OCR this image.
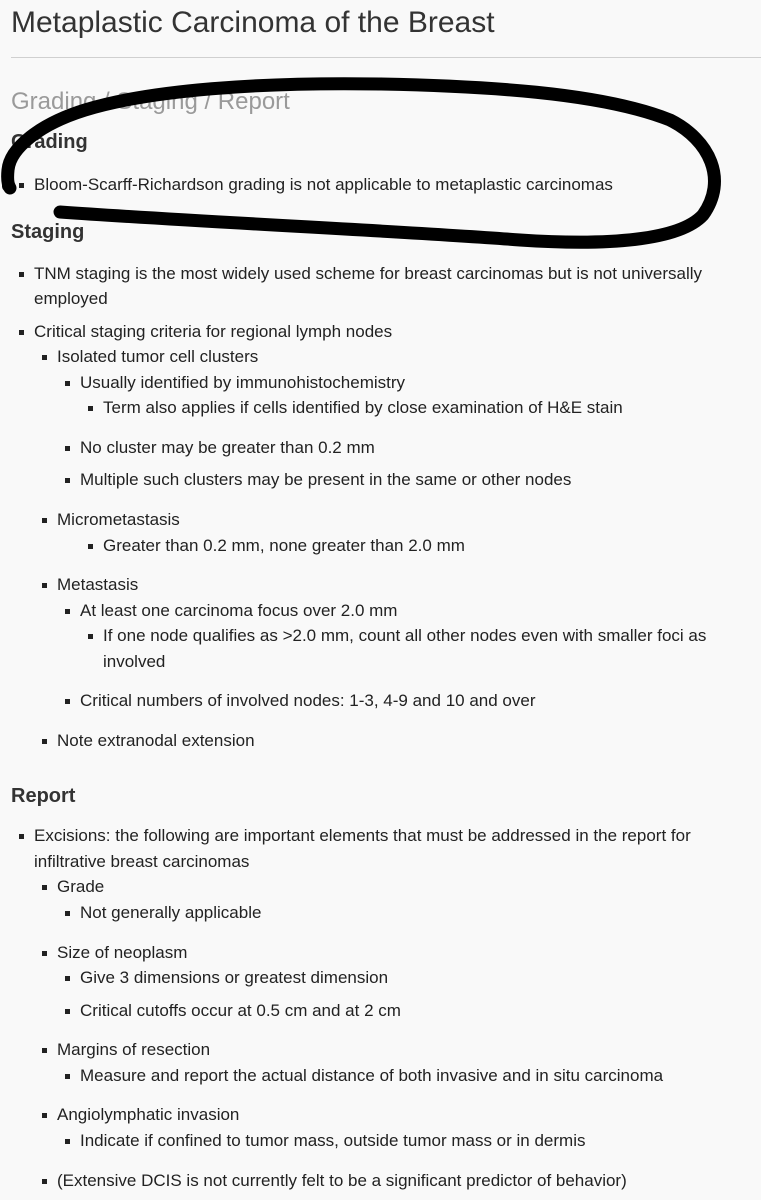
Metaplastic Carcinoma of the Breast
Grading / Staging / Report
Grading
Bloom-Scarff-Richardson grading is not applicable to metaplastic carcinomas
Staging
TNM staging is the most widely used scheme for breast carcinomas but is not universally
employed
Critical staging criteria for regional lymph nodes
Isolated tumor cell clusters
Usually identified by immunohistochemistry
Term also applies if cells identified by close examination of H&E stain
No cluster may be greater than 0.2 mm
Multiple such clusters may be present in the same or other nodes
Micrometastasis
Greater than 0.2 mm, none greater than 2.0 mm
Metastasis
At least one carcinoma focus over 2.0 mm
If one node qualifies as >2.0 mm, count all other nodes even with smaller foci as
involved
Critical numbers of involved nodes: 1-3, 4-9 and 10 and over
Note extranodal extension
Report
Excisions: the following are important elements that must be addressed in the report for
infiltrative breast carcinomas
Grade
Not generally applicable
Size of neoplasm
Give 3 dimensions or greatest dimension
Critical cutoffs occur at 0.5 cm and at 2 cm
Margins of resection
Measure and report the actual distance of both invasive and in situ carcinoma
Angiolymphatic invasion
Indicate if confined to tumor mass, outside tumor mass or in dermis
(Extensive DCIS is not currently felt to be a significant predictor of behavior)
